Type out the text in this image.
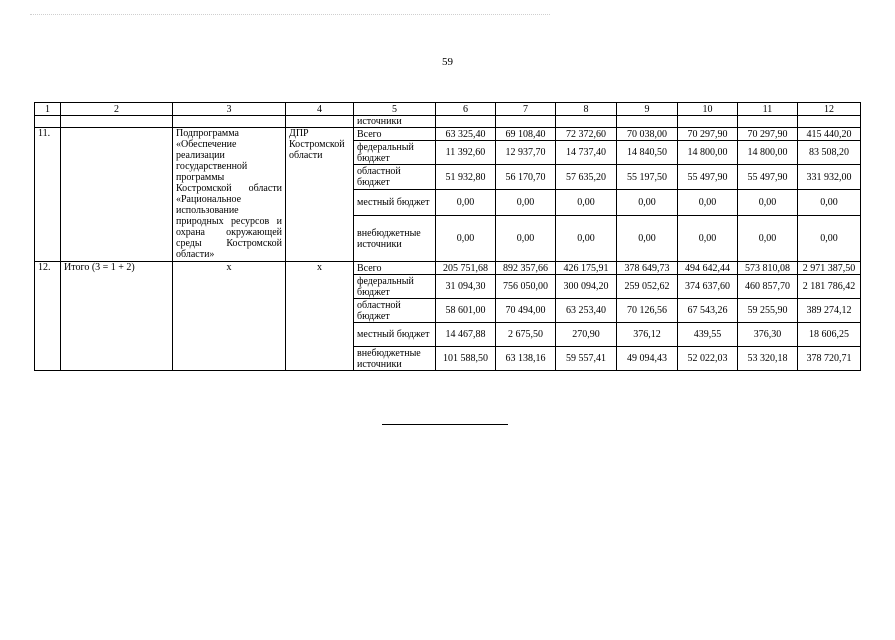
59
1	2	3	4	5	6	7	8	9	10	11	12
				источники							
11.		Подпрограмма «Обеспечение реализации государственной программы Костромской области «Рациональное использование природных ресурсов и охрана окружающей среды Костромской области»	ДПР Костромской области	Всего	63 325,40	69 108,40	72 372,60	70 038,00	70 297,90	70 297,90	415 440,20
				федеральный бюджет	11 392,60	12 937,70	14 737,40	14 840,50	14 800,00	14 800,00	83 508,20
				областной бюджет	51 932,80	56 170,70	57 635,20	55 197,50	55 497,90	55 497,90	331 932,00
				местный бюджет	0,00	0,00	0,00	0,00	0,00	0,00	0,00
				внебюджетные источники	0,00	0,00	0,00	0,00	0,00	0,00	0,00
12.	Итого (3 = 1 + 2)	х	х	Всего	205 751,68	892 357,66	426 175,91	378 649,73	494 642,44	573 810,08	2 971 387,50
				федеральный бюджет	31 094,30	756 050,00	300 094,20	259 052,62	374 637,60	460 857,70	2 181 786,42
				областной бюджет	58 601,00	70 494,00	63 253,40	70 126,56	67 543,26	59 255,90	389 274,12
				местный бюджет	14 467,88	2 675,50	270,90	376,12	439,55	376,30	18 606,25
				внебюджетные источники	101 588,50	63 138,16	59 557,41	49 094,43	52 022,03	53 320,18	378 720,71
